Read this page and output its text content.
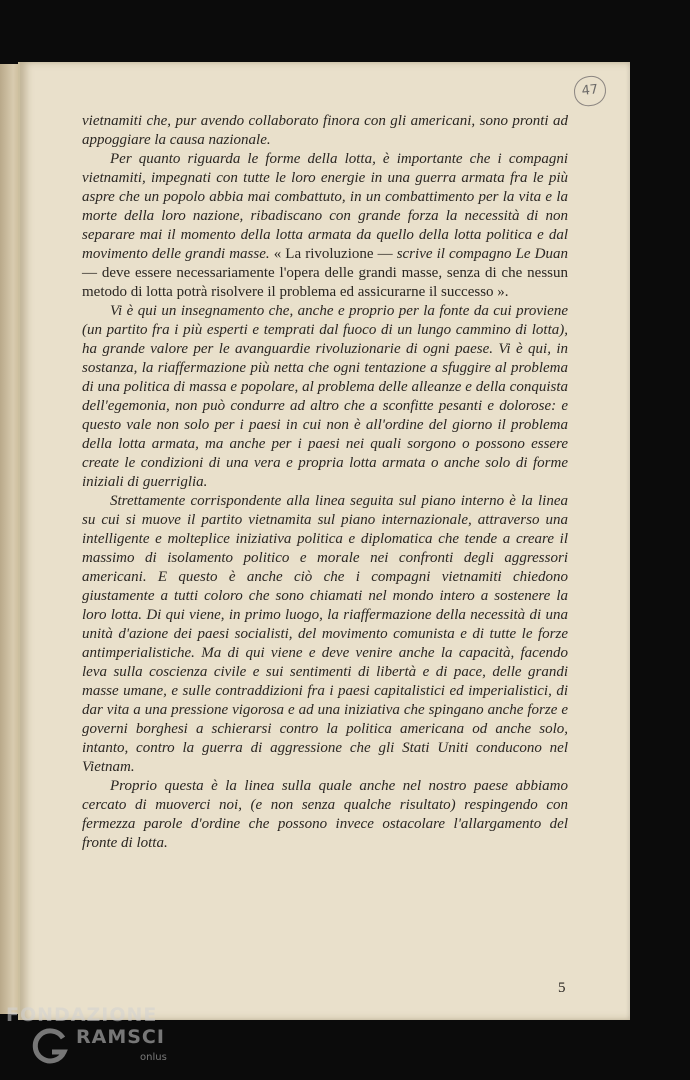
47

vietnamiti che, pur avendo collaborato finora con gli americani, sono pronti ad appoggiare la causa nazionale.

Per quanto riguarda le forme della lotta, è importante che i compagni vietnamiti, impegnati con tutte le loro energie in una guerra armata fra le più aspre che un popolo abbia mai combattuto, in un combattimento per la vita e la morte della loro nazione, ribadiscano con grande forza la necessità di non separare mai il momento della lotta armata da quello della lotta politica e dal movimento delle grandi masse. « La rivoluzione — scrive il compagno Le Duan — deve essere necessariamente l'opera delle grandi masse, senza di che nessun metodo di lotta potrà risolvere il problema ed assicurarne il successo ».

Vi è qui un insegnamento che, anche e proprio per la fonte da cui proviene (un partito fra i più esperti e temprati dal fuoco di un lungo cammino di lotta), ha grande valore per le avanguardie rivoluzionarie di ogni paese. Vi è qui, in sostanza, la riaffermazione più netta che ogni tentazione a sfuggire al problema di una politica di massa e popolare, al problema delle alleanze e della conquista dell'egemonia, non può condurre ad altro che a sconfitte pesanti e dolorose: e questo vale non solo per i paesi in cui non è all'ordine del giorno il problema della lotta armata, ma anche per i paesi nei quali sorgono o possono essere create le condizioni di una vera e propria lotta armata o anche solo di forme iniziali di guerriglia.

Strettamente corrispondente alla linea seguita sul piano interno è la linea su cui si muove il partito vietnamita sul piano internazionale, attraverso una intelligente e molteplice iniziativa politica e diplomatica che tende a creare il massimo di isolamento politico e morale nei confronti degli aggressori americani. E questo è anche ciò che i compagni vietnamiti chiedono giustamente a tutti coloro che sono chiamati nel mondo intero a sostenere la loro lotta. Di qui viene, in primo luogo, la riaffermazione della necessità di una unità d'azione dei paesi socialisti, del movimento comunista e di tutte le forze antimperialistiche. Ma di qui viene e deve venire anche la capacità, facendo leva sulla coscienza civile e sui sentimenti di libertà e di pace, delle grandi masse umane, e sulle contraddizioni fra i paesi capitalistici ed imperialistici, di dar vita a una pressione vigorosa e ad una iniziativa che spingano anche forze e governi borghesi a schierarsi contro la politica americana od anche solo, intanto, contro la guerra di aggressione che gli Stati Uniti conducono nel Vietnam.

Proprio questa è la linea sulla quale anche nel nostro paese abbiamo cercato di muoverci noi, (e non senza qualche risultato) respingendo con fermezza parole d'ordine che possono invece ostacolare l'allargamento del fronte di lotta.

5
FONDAZIONE
RAMSCI
onlus
